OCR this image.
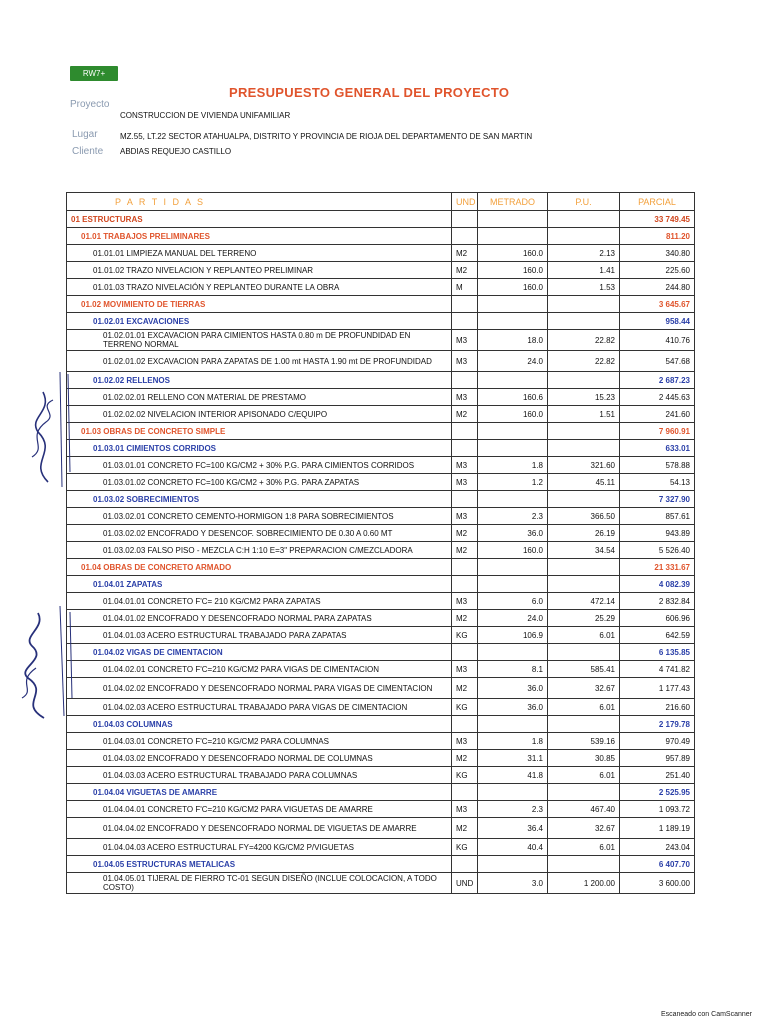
RW7+
PRESUPUESTO GENERAL DEL PROYECTO
Proyecto
CONSTRUCCION DE VIVIENDA UNIFAMILIAR
Lugar	MZ.55, LT.22 SECTOR ATAHUALPA, DISTRITO Y PROVINCIA DE RIOJA DEL DEPARTAMENTO DE SAN MARTIN
Cliente ABDIAS REQUEJO CASTILLO
P A R T I D A S	UND	METRADO	P.U.	PARCIAL
01 ESTRUCTURAS				33 749.45
01.01 TRABAJOS PRELIMINARES				811.20
01.01.01 LIMPIEZA MANUAL DEL TERRENO	M2	160.0	2.13	340.80
01.01.02 TRAZO NIVELACION Y REPLANTEO PRELIMINAR	M2	160.0	1.41	225.60
01.01.03 TRAZO NIVELACIÓN Y REPLANTEO DURANTE LA OBRA	M	160.0	1.53	244.80
01.02 MOVIMIENTO DE TIERRAS				3 645.67
01.02.01 EXCAVACIONES				958.44

01.02.01.01 EXCAVACION PARA CIMIENTOS HASTA 0.80 m DE PROFUNDIDAD EN TERRENO NORMAL	M3	18.0	22.82	410.76

01.02.01.02 EXCAVACION PARA ZAPATAS DE 1.00 mt HASTA 1.90 mt DE PROFUNDIDAD	M3	24.0	22.82	547.68
01.02.02 RELLENOS				2 687.23
01.02.02.01 RELLENO CON MATERIAL DE PRESTAMO	M3	160.6	15.23	2 445.63
01.02.02.02 NIVELACION INTERIOR APISONADO C/EQUIPO	M2	160.0	1.51	241.60
01.03 OBRAS DE CONCRETO SIMPLE				7 960.91
01.03.01 CIMIENTOS CORRIDOS				633.01
01.03.01.01 CONCRETO FC=100 KG/CM2 + 30% P.G. PARA CIMIENTOS CORRIDOS	M3	1.8	321.60	578.88
01.03.01.02 CONCRETO FC=100 KG/CM2 + 30% P.G. PARA ZAPATAS	M3	1.2	45.11	54.13
01.03.02 SOBRECIMIENTOS				7 327.90
01.03.02.01 CONCRETO CEMENTO-HORMIGON 1:8 PARA SOBRECIMIENTOS	M3	2.3	366.50	857.61
01.03.02.02 ENCOFRADO Y DESENCOF. SOBRECIMIENTO DE 0.30 A 0.60 MT	M2	36.0	26.19	943.89
01.03.02.03 FALSO PISO - MEZCLA C:H 1:10 E=3" PREPARACION C/MEZCLADORA	M2	160.0	34.54	5 526.40
01.04 OBRAS DE CONCRETO ARMADO				21 331.67
01.04.01 ZAPATAS				4 082.39
01.04.01.01 CONCRETO F'C= 210 KG/CM2 PARA ZAPATAS	M3	6.0	472.14	2 832.84
01.04.01.02 ENCOFRADO Y DESENCOFRADO NORMAL PARA ZAPATAS	M2	24.0	25.29	606.96
01.04.01.03 ACERO ESTRUCTURAL TRABAJADO PARA ZAPATAS	KG	106.9	6.01	642.59
01.04.02 VIGAS DE CIMENTACION				6 135.85
01.04.02.01 CONCRETO F'C=210 KG/CM2 PARA VIGAS DE CIMENTACION	M3	8.1	585.41	4 741.82

01.04.02.02 ENCOFRADO Y DESENCOFRADO NORMAL PARA VIGAS DE CIMENTACION	M2	36.0	32.67	1 177.43
01.04.02.03 ACERO ESTRUCTURAL TRABAJADO PARA VIGAS DE CIMENTACION	KG	36.0	6.01	216.60
01.04.03 COLUMNAS				2 179.78
01.04.03.01 CONCRETO F'C=210 KG/CM2 PARA COLUMNAS	M3	1.8	539.16	970.49
01.04.03.02 ENCOFRADO Y DESENCOFRADO NORMAL DE COLUMNAS	M2	31.1	30.85	957.89
01.04.03.03 ACERO ESTRUCTURAL TRABAJADO PARA COLUMNAS	KG	41.8	6.01	251.40
01.04.04 VIGUETAS DE AMARRE				2 525.95
01.04.04.01 CONCRETO F'C=210 KG/CM2 PARA VIGUETAS DE AMARRE	M3	2.3	467.40	1 093.72

01.04.04.02 ENCOFRADO Y DESENCOFRADO NORMAL DE VIGUETAS DE AMARRE	M2	36.4	32.67	1 189.19
01.04.04.03 ACERO ESTRUCTURAL FY=4200 KG/CM2 P/VIGUETAS	KG	40.4	6.01	243.04
01.04.05 ESTRUCTURAS METALICAS				6 407.70

01.04.05.01 TIJERAL DE FIERRO TC-01 SEGUN DISEÑO (INCLUE COLOCACION, A TODO COSTO)	UND	3.0	1 200.00	3 600.00
Escaneado con CamScanner
